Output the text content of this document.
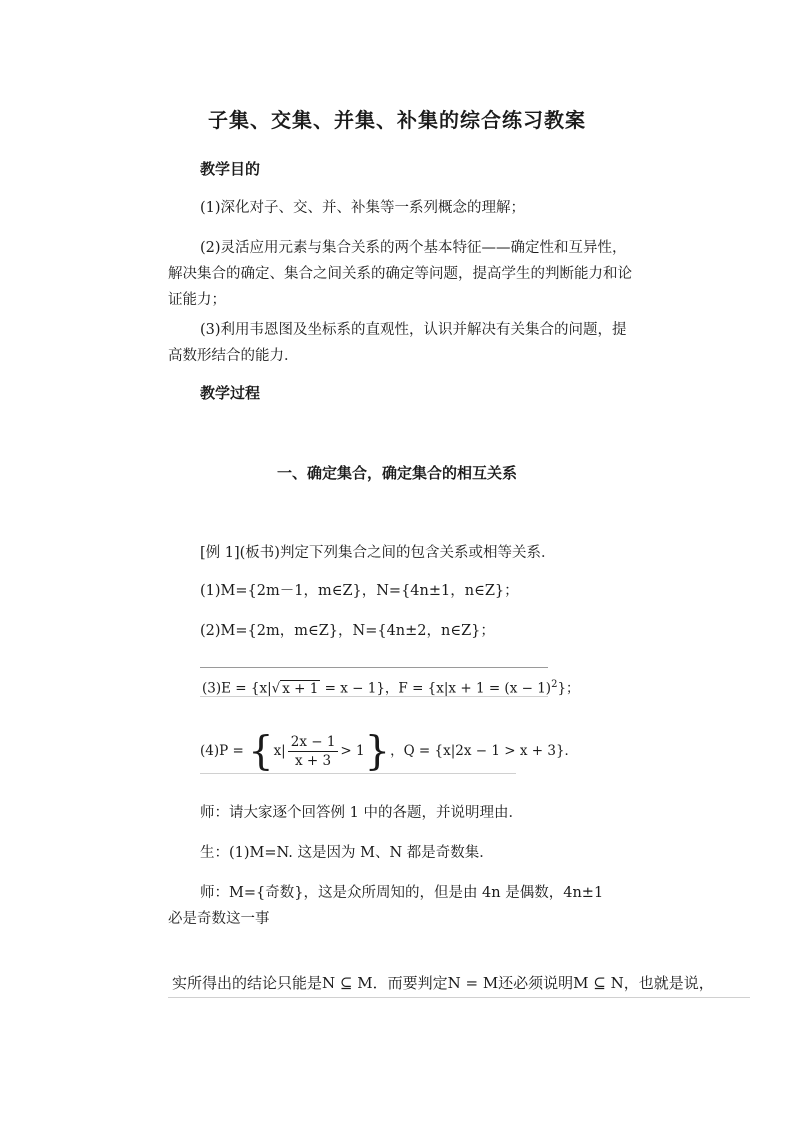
子集、交集、并集、补集的综合练习教案
教学目的
(1)深化对子、交、并、补集等一系列概念的理解；
(2)灵活应用元素与集合关系的两个基本特征——确定性和互异性，解决集合的确定、集合之间关系的确定等问题，提高学生的判断能力和论证能力；
(3)利用韦恩图及坐标系的直观性，认识并解决有关集合的问题，提高数形结合的能力．
教学过程
一、确定集合，确定集合的相互关系
[例 1](板书)判定下列集合之间的包含关系或相等关系．
(1)M={2m－1，m∈Z}，N={4n±1，n∈Z}；
(2)M={2m，m∈Z}，N={4n±2，n∈Z}；
(3)E = {x|√ x + 1 = x − 1}，$F = \{x|x + 1 = (x - 1)^2\}$；
$(4)P = \{x| \frac{2x - 1}{x + 3} > 1\}$，Q = {x|2x − 1 > x + 3}．
师：请大家逐个回答例 1 中的各题，并说明理由．
生：(1)M=N. 这是因为 M、N 都是奇数集．
师：M={奇数}，这是众所周知的，但是由 4n 是偶数，4n±1
必是奇数这一事
实所得出的结论只能是N ⊆ M．而要判定N = M还必须说明M ⊆ N，也就是说，
